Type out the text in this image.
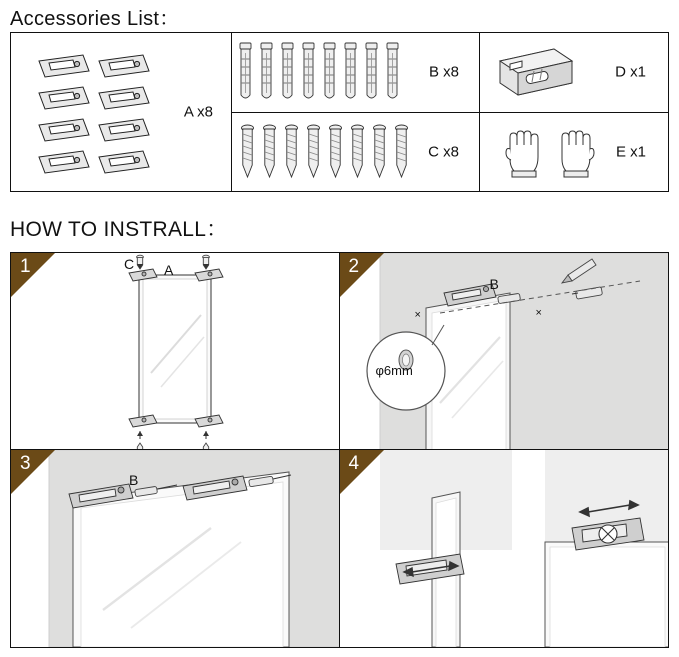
Accessories List：
A x8
B x8
C x8
D x1
E x1
HOW TO INSTRALL：
1	C A	2
B
φ6mm
×	×
3
B
4
